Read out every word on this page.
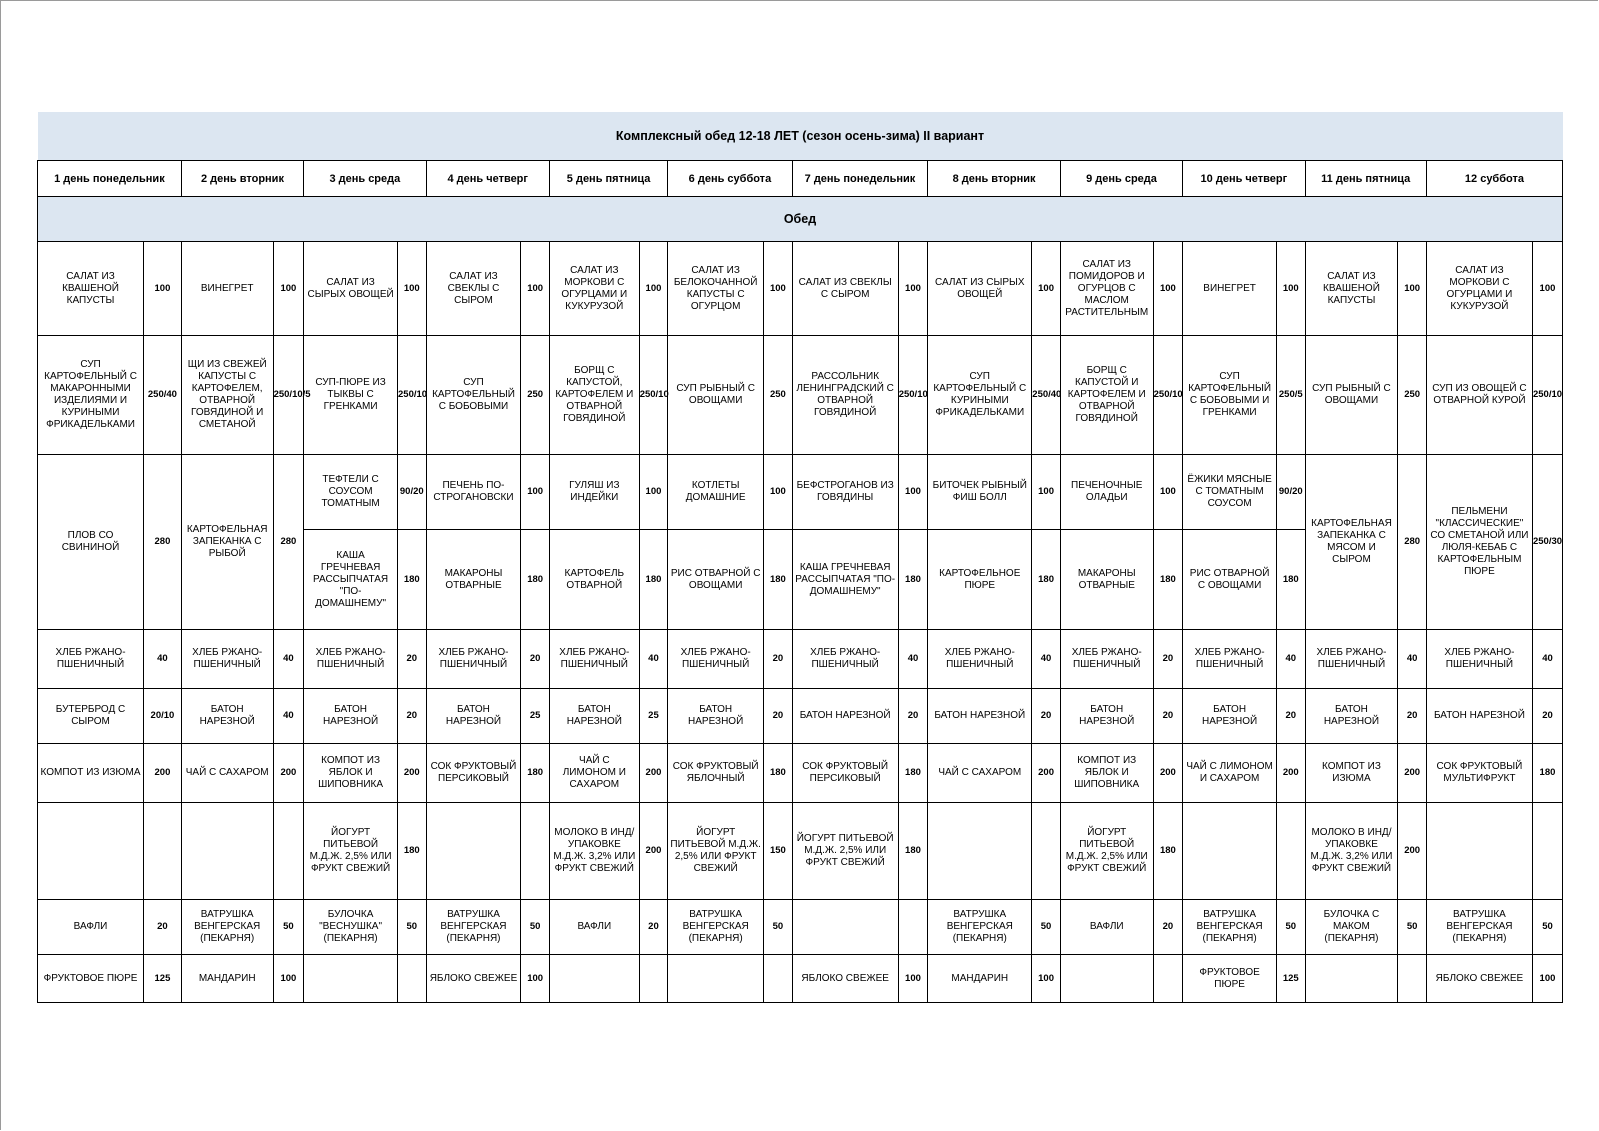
Комплексный обед 12-18 ЛЕТ (сезон осень-зима) II вариант																							
1 день понедельник		2 день вторник		3 день среда		4 день четверг		5 день пятница		6 день суббота		7 день понедельник		8 день вторник		9 день среда		10 день четверг		11 день пятница		12 суббота	
Обед																							
САЛАТ ИЗ КВАШЕНОЙ КАПУСТЫ	100	ВИНЕГРЕТ	100	САЛАТ ИЗ СЫРЫХ ОВОЩЕЙ	100	САЛАТ ИЗ СВЕКЛЫ С СЫРОМ	100	САЛАТ ИЗ МОРКОВИ С ОГУРЦАМИ И КУКУРУЗОЙ	100	САЛАТ ИЗ БЕЛОКОЧАННОЙ КАПУСТЫ С ОГУРЦОМ	100	САЛАТ ИЗ СВЕКЛЫ С СЫРОМ	100	САЛАТ ИЗ СЫРЫХ ОВОЩЕЙ	100	САЛАТ ИЗ ПОМИДОРОВ И ОГУРЦОВ С МАСЛОМ РАСТИТЕЛЬНЫМ	100	ВИНЕГРЕТ	100	САЛАТ ИЗ КВАШЕНОЙ КАПУСТЫ	100	САЛАТ ИЗ МОРКОВИ С ОГУРЦАМИ И КУКУРУЗОЙ	100
СУП КАРТОФЕЛЬНЫЙ С МАКАРОННЫМИ ИЗДЕЛИЯМИ И КУРИНЫМИ ФРИКАДЕЛЬКАМИ	250/40	ЩИ ИЗ СВЕЖЕЙ КАПУСТЫ С КАРТОФЕЛЕМ, ОТВАРНОЙ ГОВЯДИНОЙ И СМЕТАНОЙ	250/10/5	СУП-ПЮРЕ ИЗ ТЫКВЫ С ГРЕНКАМИ	250/10	СУП КАРТОФЕЛЬНЫЙ С БОБОВЫМИ	250	БОРЩ С КАПУСТОЙ, КАРТОФЕЛЕМ И ОТВАРНОЙ ГОВЯДИНОЙ	250/10	СУП РЫБНЫЙ С ОВОЩАМИ	250	РАССОЛЬНИК ЛЕНИНГРАДСКИЙ С ОТВАРНОЙ ГОВЯДИНОЙ	250/10	СУП КАРТОФЕЛЬНЫЙ С КУРИНЫМИ ФРИКАДЕЛЬКАМИ	250/40	БОРЩ С КАПУСТОЙ И КАРТОФЕЛЕМ И ОТВАРНОЙ ГОВЯДИНОЙ	250/10	СУП КАРТОФЕЛЬНЫЙ С БОБОВЫМИ И ГРЕНКАМИ	250/5	СУП РЫБНЫЙ С ОВОЩАМИ	250	СУП ИЗ ОВОЩЕЙ С ОТВАРНОЙ КУРОЙ	250/10
ПЛОВ СО СВИНИНОЙ	280	КАРТОФЕЛЬНАЯ ЗАПЕКАНКА С РЫБОЙ	280	ТЕФТЕЛИ С СОУСОМ ТОМАТНЫМ	90/20	ПЕЧЕНЬ ПО-СТРОГАНОВСКИ	100	ГУЛЯШ ИЗ ИНДЕЙКИ	100	КОТЛЕТЫ ДОМАШНИЕ	100	БЕФСТРОГАНОВ ИЗ ГОВЯДИНЫ	100	БИТОЧЕК РЫБНЫЙ ФИШ БОЛЛ	100	ПЕЧЕНОЧНЫЕ ОЛАДЬИ	100	ЁЖИКИ МЯСНЫЕ С ТОМАТНЫМ СОУСОМ	90/20	КАРТОФЕЛЬНАЯ ЗАПЕКАНКА С МЯСОМ И СЫРОМ	280	ПЕЛЬМЕНИ "КЛАССИЧЕСКИЕ" СО СМЕТАНОЙ ИЛИ ЛЮЛЯ-КЕБАБ С КАРТОФЕЛЬНЫМ ПЮРЕ	250/30
				КАША ГРЕЧНЕВАЯ РАССЫПЧАТАЯ "ПО-ДОМАШНЕМУ"	180	МАКАРОНЫ ОТВАРНЫЕ	180	КАРТОФЕЛЬ ОТВАРНОЙ	180	РИС ОТВАРНОЙ С ОВОЩАМИ	180	КАША ГРЕЧНЕВАЯ РАССЫПЧАТАЯ "ПО-ДОМАШНЕМУ"	180	КАРТОФЕЛЬНОЕ ПЮРЕ	180	МАКАРОНЫ ОТВАРНЫЕ	180	РИС ОТВАРНОЙ С ОВОЩАМИ	180				
ХЛЕБ РЖАНО-ПШЕНИЧНЫЙ	40	ХЛЕБ РЖАНО-ПШЕНИЧНЫЙ	40	ХЛЕБ РЖАНО-ПШЕНИЧНЫЙ	20	ХЛЕБ РЖАНО-ПШЕНИЧНЫЙ	20	ХЛЕБ РЖАНО-ПШЕНИЧНЫЙ	40	ХЛЕБ РЖАНО-ПШЕНИЧНЫЙ	20	ХЛЕБ РЖАНО-ПШЕНИЧНЫЙ	40	ХЛЕБ РЖАНО-ПШЕНИЧНЫЙ	40	ХЛЕБ РЖАНО-ПШЕНИЧНЫЙ	20	ХЛЕБ РЖАНО-ПШЕНИЧНЫЙ	40	ХЛЕБ РЖАНО-ПШЕНИЧНЫЙ	40	ХЛЕБ РЖАНО-ПШЕНИЧНЫЙ	40
БУТЕРБРОД С СЫРОМ	20/10	БАТОН НАРЕЗНОЙ	40	БАТОН НАРЕЗНОЙ	20	БАТОН НАРЕЗНОЙ	25	БАТОН НАРЕЗНОЙ	25	БАТОН НАРЕЗНОЙ	20	БАТОН НАРЕЗНОЙ	20	БАТОН НАРЕЗНОЙ	20	БАТОН НАРЕЗНОЙ	20	БАТОН НАРЕЗНОЙ	20	БАТОН НАРЕЗНОЙ	20	БАТОН НАРЕЗНОЙ	20
КОМПОТ ИЗ ИЗЮМА	200	ЧАЙ С САХАРОМ	200	КОМПОТ ИЗ ЯБЛОК И ШИПОВНИКА	200	СОК ФРУКТОВЫЙ ПЕРСИКОВЫЙ	180	ЧАЙ С ЛИМОНОМ И САХАРОМ	200	СОК ФРУКТОВЫЙ ЯБЛОЧНЫЙ	180	СОК ФРУКТОВЫЙ ПЕРСИКОВЫЙ	180	ЧАЙ С САХАРОМ	200	КОМПОТ ИЗ ЯБЛОК И ШИПОВНИКА	200	ЧАЙ С ЛИМОНОМ И САХАРОМ	200	КОМПОТ ИЗ ИЗЮМА	200	СОК ФРУКТОВЫЙ МУЛЬТИФРУКТ	180
				ЙОГУРТ ПИТЬЕВОЙ М.Д.Ж. 2,5% ИЛИ ФРУКТ СВЕЖИЙ	180			МОЛОКО В ИНД/ УПАКОВКЕ М.Д.Ж. 3,2% ИЛИ ФРУКТ СВЕЖИЙ	200	ЙОГУРТ ПИТЬЕВОЙ М.Д.Ж. 2,5% ИЛИ ФРУКТ СВЕЖИЙ	150	ЙОГУРТ ПИТЬЕВОЙ М.Д.Ж. 2,5% ИЛИ ФРУКТ СВЕЖИЙ	180			ЙОГУРТ ПИТЬЕВОЙ М.Д.Ж. 2,5% ИЛИ ФРУКТ СВЕЖИЙ	180			МОЛОКО В ИНД/ УПАКОВКЕ М.Д.Ж. 3,2% ИЛИ ФРУКТ СВЕЖИЙ	200		
ВАФЛИ	20	ВАТРУШКА ВЕНГЕРСКАЯ (ПЕКАРНЯ)	50	БУЛОЧКА "ВЕСНУШКА" (ПЕКАРНЯ)	50	ВАТРУШКА ВЕНГЕРСКАЯ (ПЕКАРНЯ)	50	ВАФЛИ	20	ВАТРУШКА ВЕНГЕРСКАЯ (ПЕКАРНЯ)	50			ВАТРУШКА ВЕНГЕРСКАЯ (ПЕКАРНЯ)	50	ВАФЛИ	20	ВАТРУШКА ВЕНГЕРСКАЯ (ПЕКАРНЯ)	50	БУЛОЧКА С МАКОМ (ПЕКАРНЯ)	50	ВАТРУШКА ВЕНГЕРСКАЯ (ПЕКАРНЯ)	50
ФРУКТОВОЕ ПЮРЕ	125	МАНДАРИН	100			ЯБЛОКО СВЕЖЕЕ	100					ЯБЛОКО СВЕЖЕЕ	100	МАНДАРИН	100			ФРУКТОВОЕ ПЮРЕ	125			ЯБЛОКО СВЕЖЕЕ	100
